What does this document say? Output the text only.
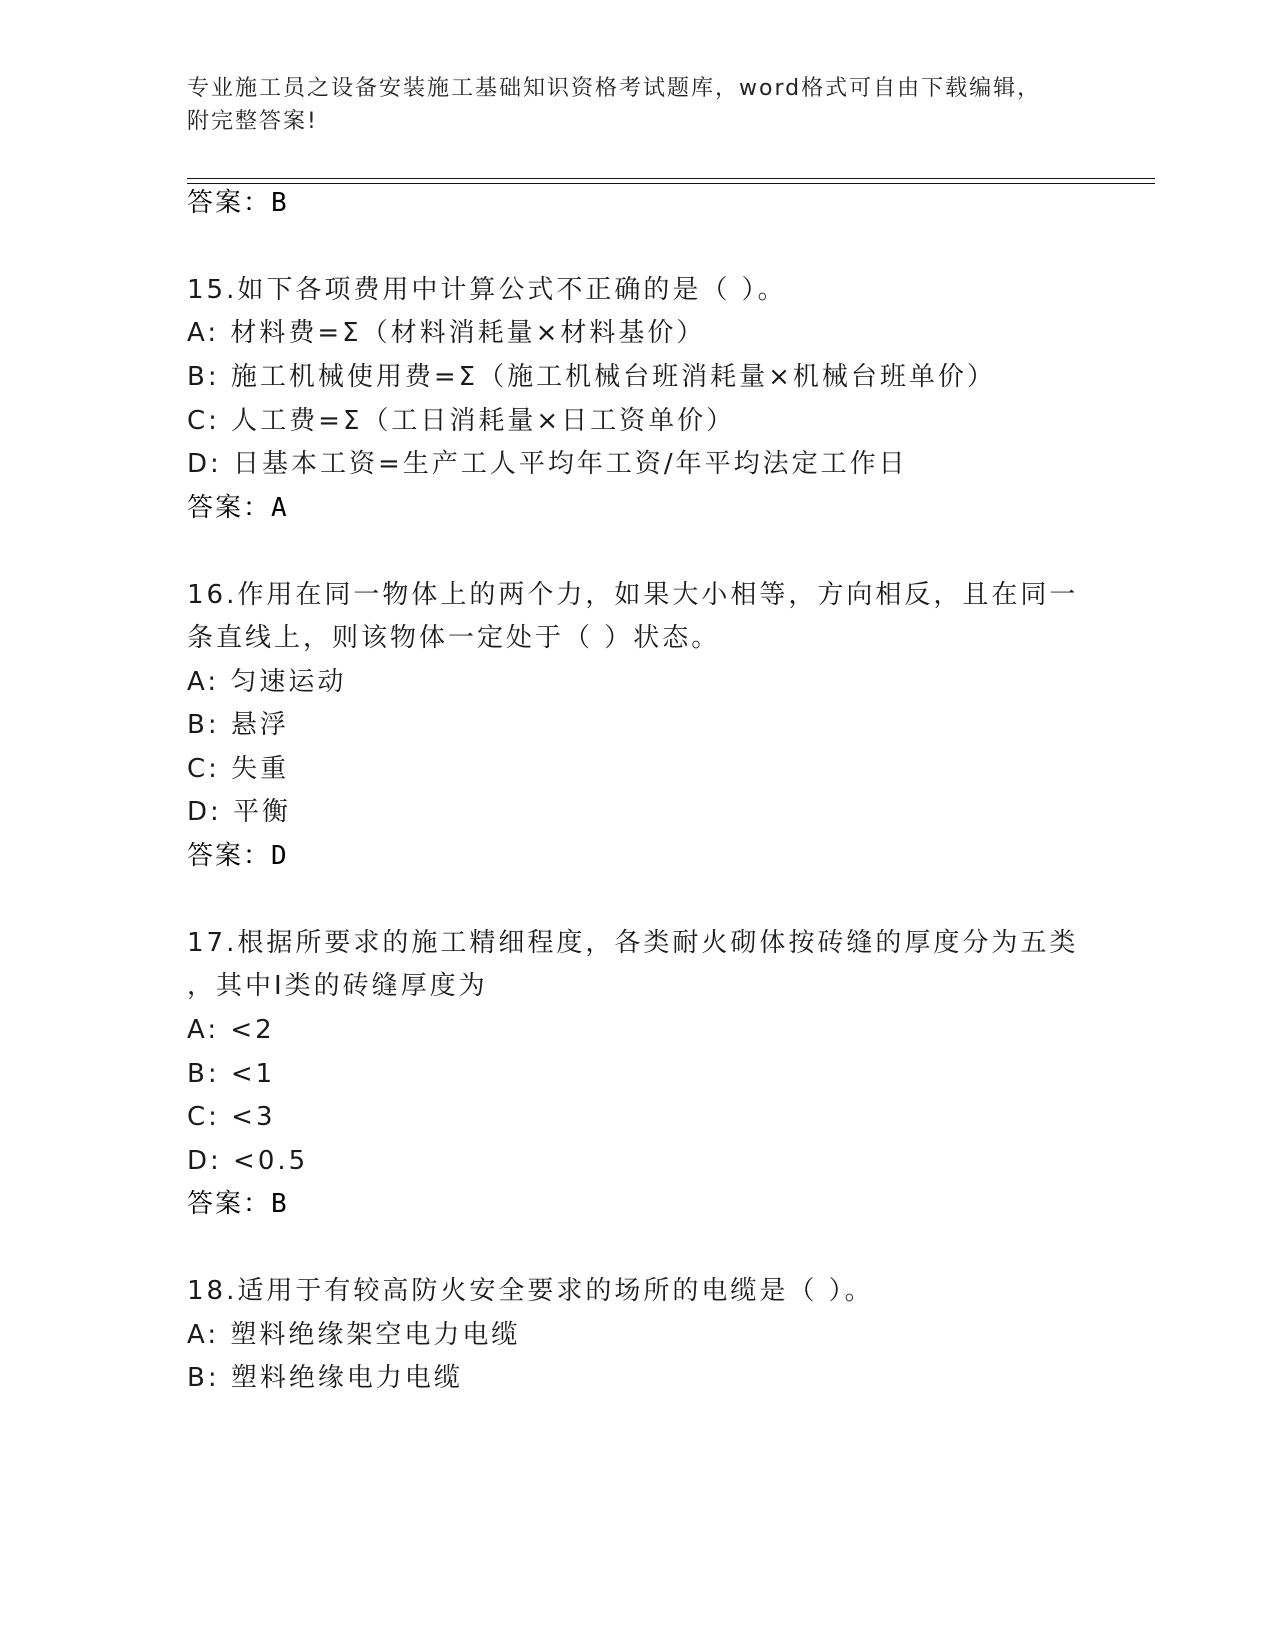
专业施工员之设备安装施工基础知识资格考试题库，word格式可自由下载编辑，
附完整答案!
答案：B
15.如下各项费用中计算公式不正确的是（ ）。
A: 材料费=Σ（材料消耗量×材料基价）
B: 施工机械使用费=Σ（施工机械台班消耗量×机械台班单价）
C: 人工费=Σ（工日消耗量×日工资单价）
D: 日基本工资=生产工人平均年工资/年平均法定工作日
答案：A
16.作用在同一物体上的两个力，如果大小相等，方向相反，且在同一
条直线上，则该物体一定处于（ ）状态。
A: 匀速运动
B: 悬浮
C: 失重
D: 平衡
答案：D
17.根据所要求的施工精细程度，各类耐火砌体按砖缝的厚度分为五类
，其中Ⅰ类的砖缝厚度为
A: <2
B: <1
C: <3
D: <0.5
答案：B
18.适用于有较高防火安全要求的场所的电缆是（ ）。
A: 塑料绝缘架空电力电缆
B: 塑料绝缘电力电缆
